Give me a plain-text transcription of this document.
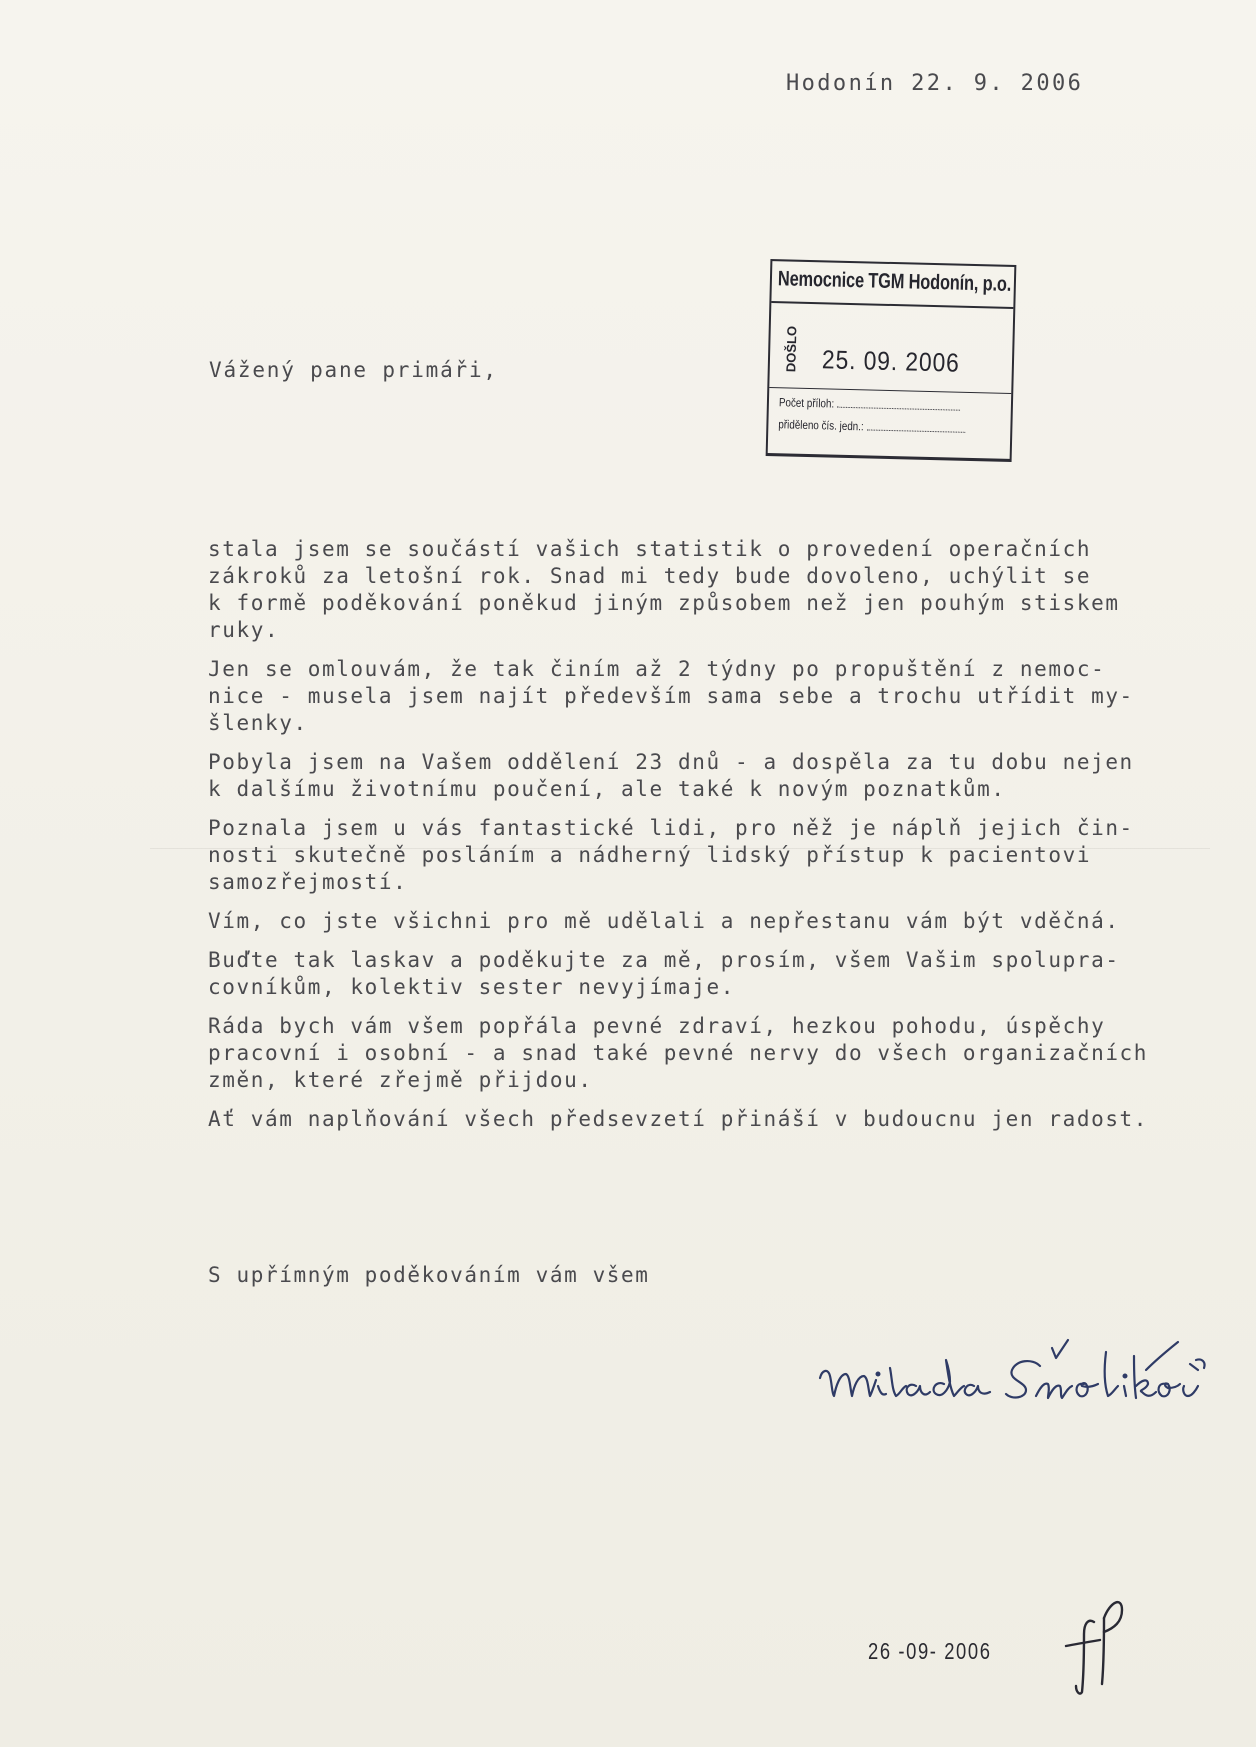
Hodonín 22. 9. 2006
Nemocnice TGM Hodonín, p.o.
DOŠLO 25. 09. 2006
Počet příloh:
přiděleno čís. jedn.:
Vážený pane primáři,
stala jsem se součástí vašich statistik o provedení operačních
zákroků za letošní rok. Snad mi tedy bude dovoleno, uchýlit se
k formě poděkování poněkud jiným způsobem než jen pouhým stiskem
ruky.
Jen se omlouvám, že tak činím až 2 týdny po propuštění z nemoc-
nice - musela jsem najít především sama sebe a trochu utřídit my-
šlenky.
Pobyla jsem na Vašem oddělení 23 dnů - a dospěla za tu dobu nejen
k dalšímu životnímu poučení, ale také k novým poznatkům.
Poznala jsem u vás fantastické lidi, pro něž je náplň jejich čin-
nosti skutečně posláním a nádherný lidský přístup k pacientovi
samozřejmostí.
Vím, co jste všichni pro mě udělali a nepřestanu vám být vděčná.
Buďte tak laskav a poděkujte za mě, prosím, všem Vašim spolupra-
covníkům, kolektiv sester nevyjímaje.
Ráda bych vám všem popřála pevné zdraví, hezkou pohodu, úspěchy
pracovní i osobní - a snad také pevné nervy do všech organizačních
změn, které zřejmě přijdou.
Ať vám naplňování všech předsevzetí přináší v budoucnu jen radost.
S upřímným poděkováním vám všem
26 -09- 2006
